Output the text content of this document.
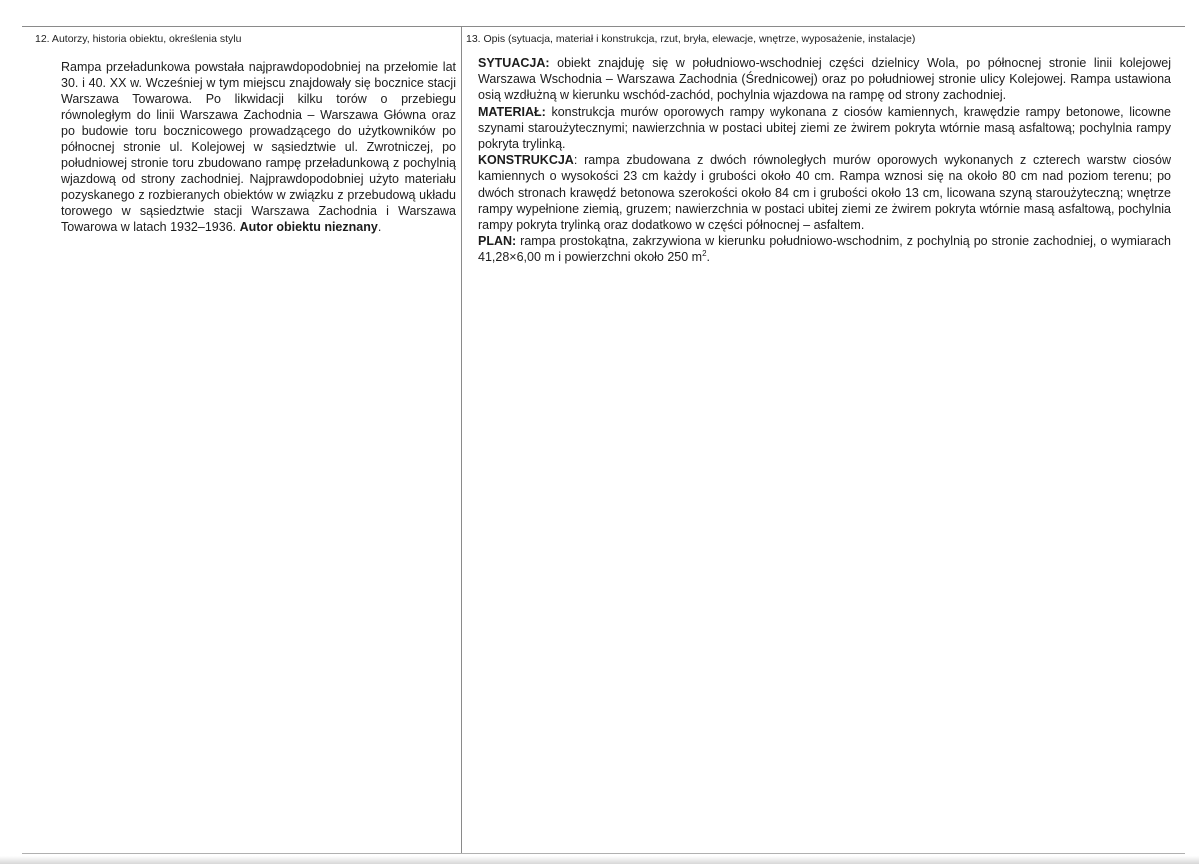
12. Autorzy, historia obiektu, określenia stylu
Rampa przeładunkowa powstała najprawdopodobniej na przełomie lat 30. i 40. XX w. Wcześniej w tym miejscu znajdowały się bocznice stacji Warszawa Towarowa. Po likwidacji kilku torów o przebiegu równoległym do linii Warszawa Zachodnia – Warszawa Główna oraz po budowie toru bocznicowego prowadzącego do użytkowników po północnej stronie ul. Kolejowej w sąsiedztwie ul. Zwrotniczej, po południowej stronie toru zbudowano rampę przeładunkową z pochylnią wjazdową od strony zachodniej. Najprawdopodobniej użyto materiału pozyskanego z rozbieranych obiektów w związku z przebudową układu torowego w sąsiedztwie stacji Warszawa Zachodnia i Warszawa Towarowa w latach 1932–1936. Autor obiektu nieznany.
13. Opis (sytuacja, materiał i konstrukcja, rzut, bryła, elewacje, wnętrze, wyposażenie, instalacje)

SYTUACJA: obiekt znajduję się w południowo-wschodniej części dzielnicy Wola, po północnej stronie linii kolejowej Warszawa Wschodnia – Warszawa Zachodnia (Średnicowej) oraz po południowej stronie ulicy Kolejowej. Rampa ustawiona osią wzdłużną w kierunku wschód-zachód, pochylnia wjazdowa na rampę od strony zachodniej.

MATERIAŁ: konstrukcja murów oporowych rampy wykonana z ciosów kamiennych, krawędzie rampy betonowe, licowne szynami staroużytecznymi; nawierzchnia w postaci ubitej ziemi ze żwirem pokryta wtórnie masą asfaltową; pochylnia rampy pokryta trylinką.

KONSTRUKCJA: rampa zbudowana z dwóch równoległych murów oporowych wykonanych z czterech warstw ciosów kamiennych o wysokości 23 cm każdy i grubości około 40 cm. Rampa wznosi się na około 80 cm nad poziom terenu; po dwóch stronach krawędź betonowa szerokości około 84 cm i grubości około 13 cm, licowana szyną staroużyteczną; wnętrze rampy wypełnione ziemią, gruzem; nawierzchnia w postaci ubitej ziemi ze żwirem pokryta wtórnie masą asfaltową, pochylnia rampy pokryta trylinką oraz dodatkowo w części północnej – asfaltem.

PLAN: rampa prostokątna, zakrzywiona w kierunku południowo-wschodnim, z pochylnią po stronie zachodniej, o wymiarach 41,28×6,00 m i powierzchni około 250 $m^2$.
